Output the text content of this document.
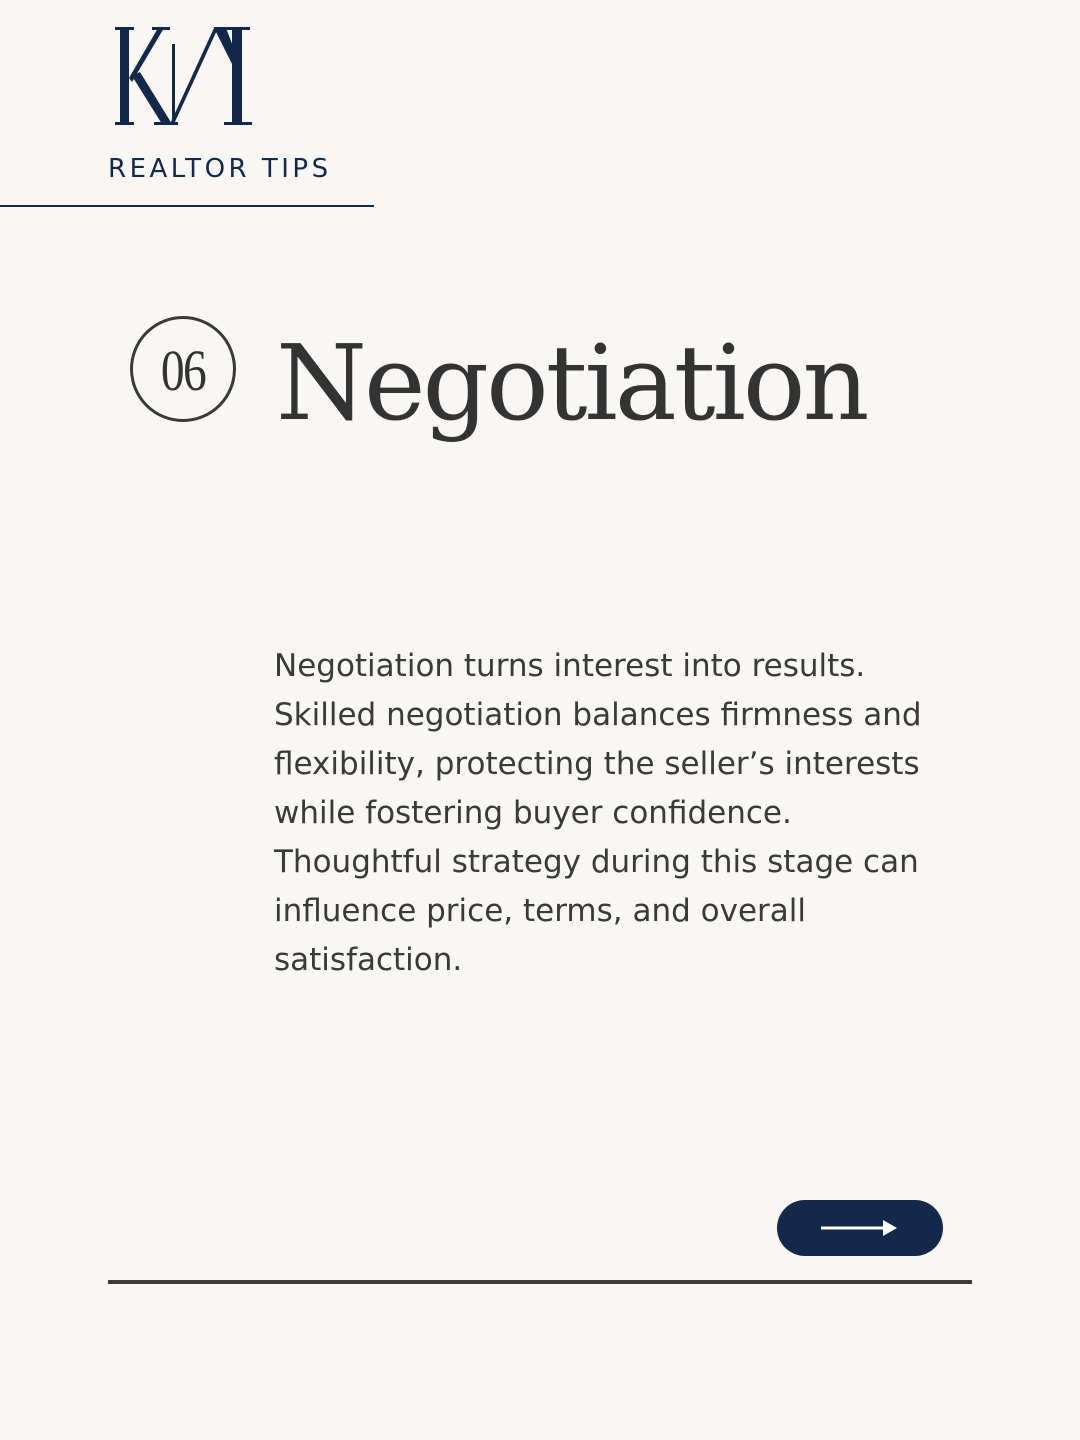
REALTOR TIPS
06 Negotiation

Negotiation turns interest into results. Skilled negotiation balances firmness and flexibility, protecting the seller’s interests while fostering buyer confidence. Thoughtful strategy during this stage can influence price, terms, and overall satisfaction.
